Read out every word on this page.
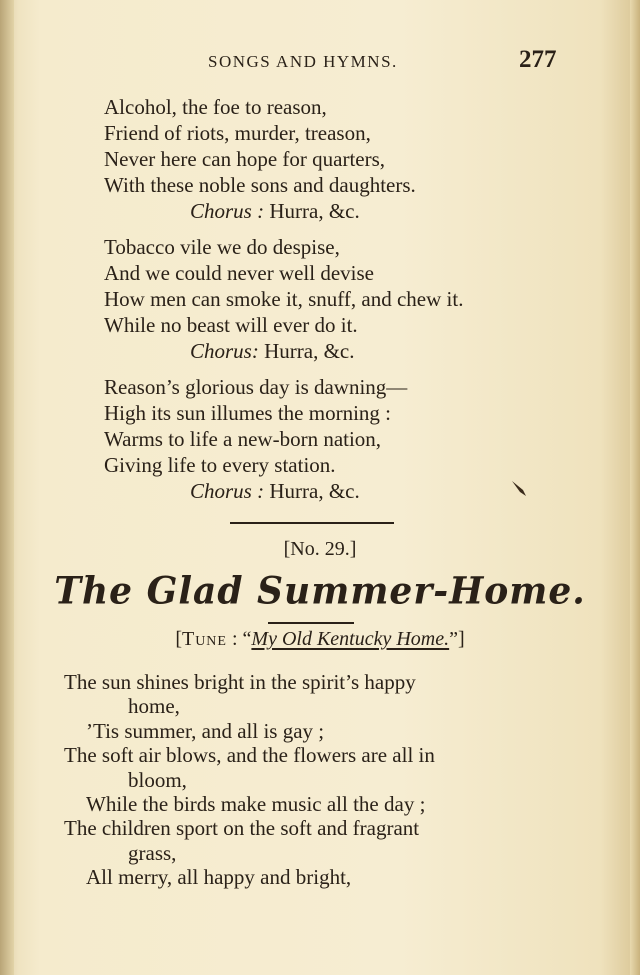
SONGS AND HYMNS.	277
Alcohol, the foe to reason,
Friend of riots, murder, treason,
Never here can hope for quarters,
With these noble sons and daughters.
Chorus : Hurra, &c.
Tobacco vile we do despise,
And we could never well devise
How men can smoke it, snuff, and chew it.
While no beast will ever do it.
Chorus: Hurra, &c.
Reason’s glorious day is dawning—
High its sun illumes the morning :
Warms to life a new-born nation,
Giving life to every station.
Chorus : Hurra, &c.
[No. 29.]
The Glad Summer-Home.
[Tune : “My Old Kentucky Home.”]
The sun shines bright in the spirit’s happy
home,
’Tis summer, and all is gay ;
The soft air blows, and the flowers are all in
bloom,
While the birds make music all the day ;
The children sport on the soft and fragrant
grass,
All merry, all happy and bright,
